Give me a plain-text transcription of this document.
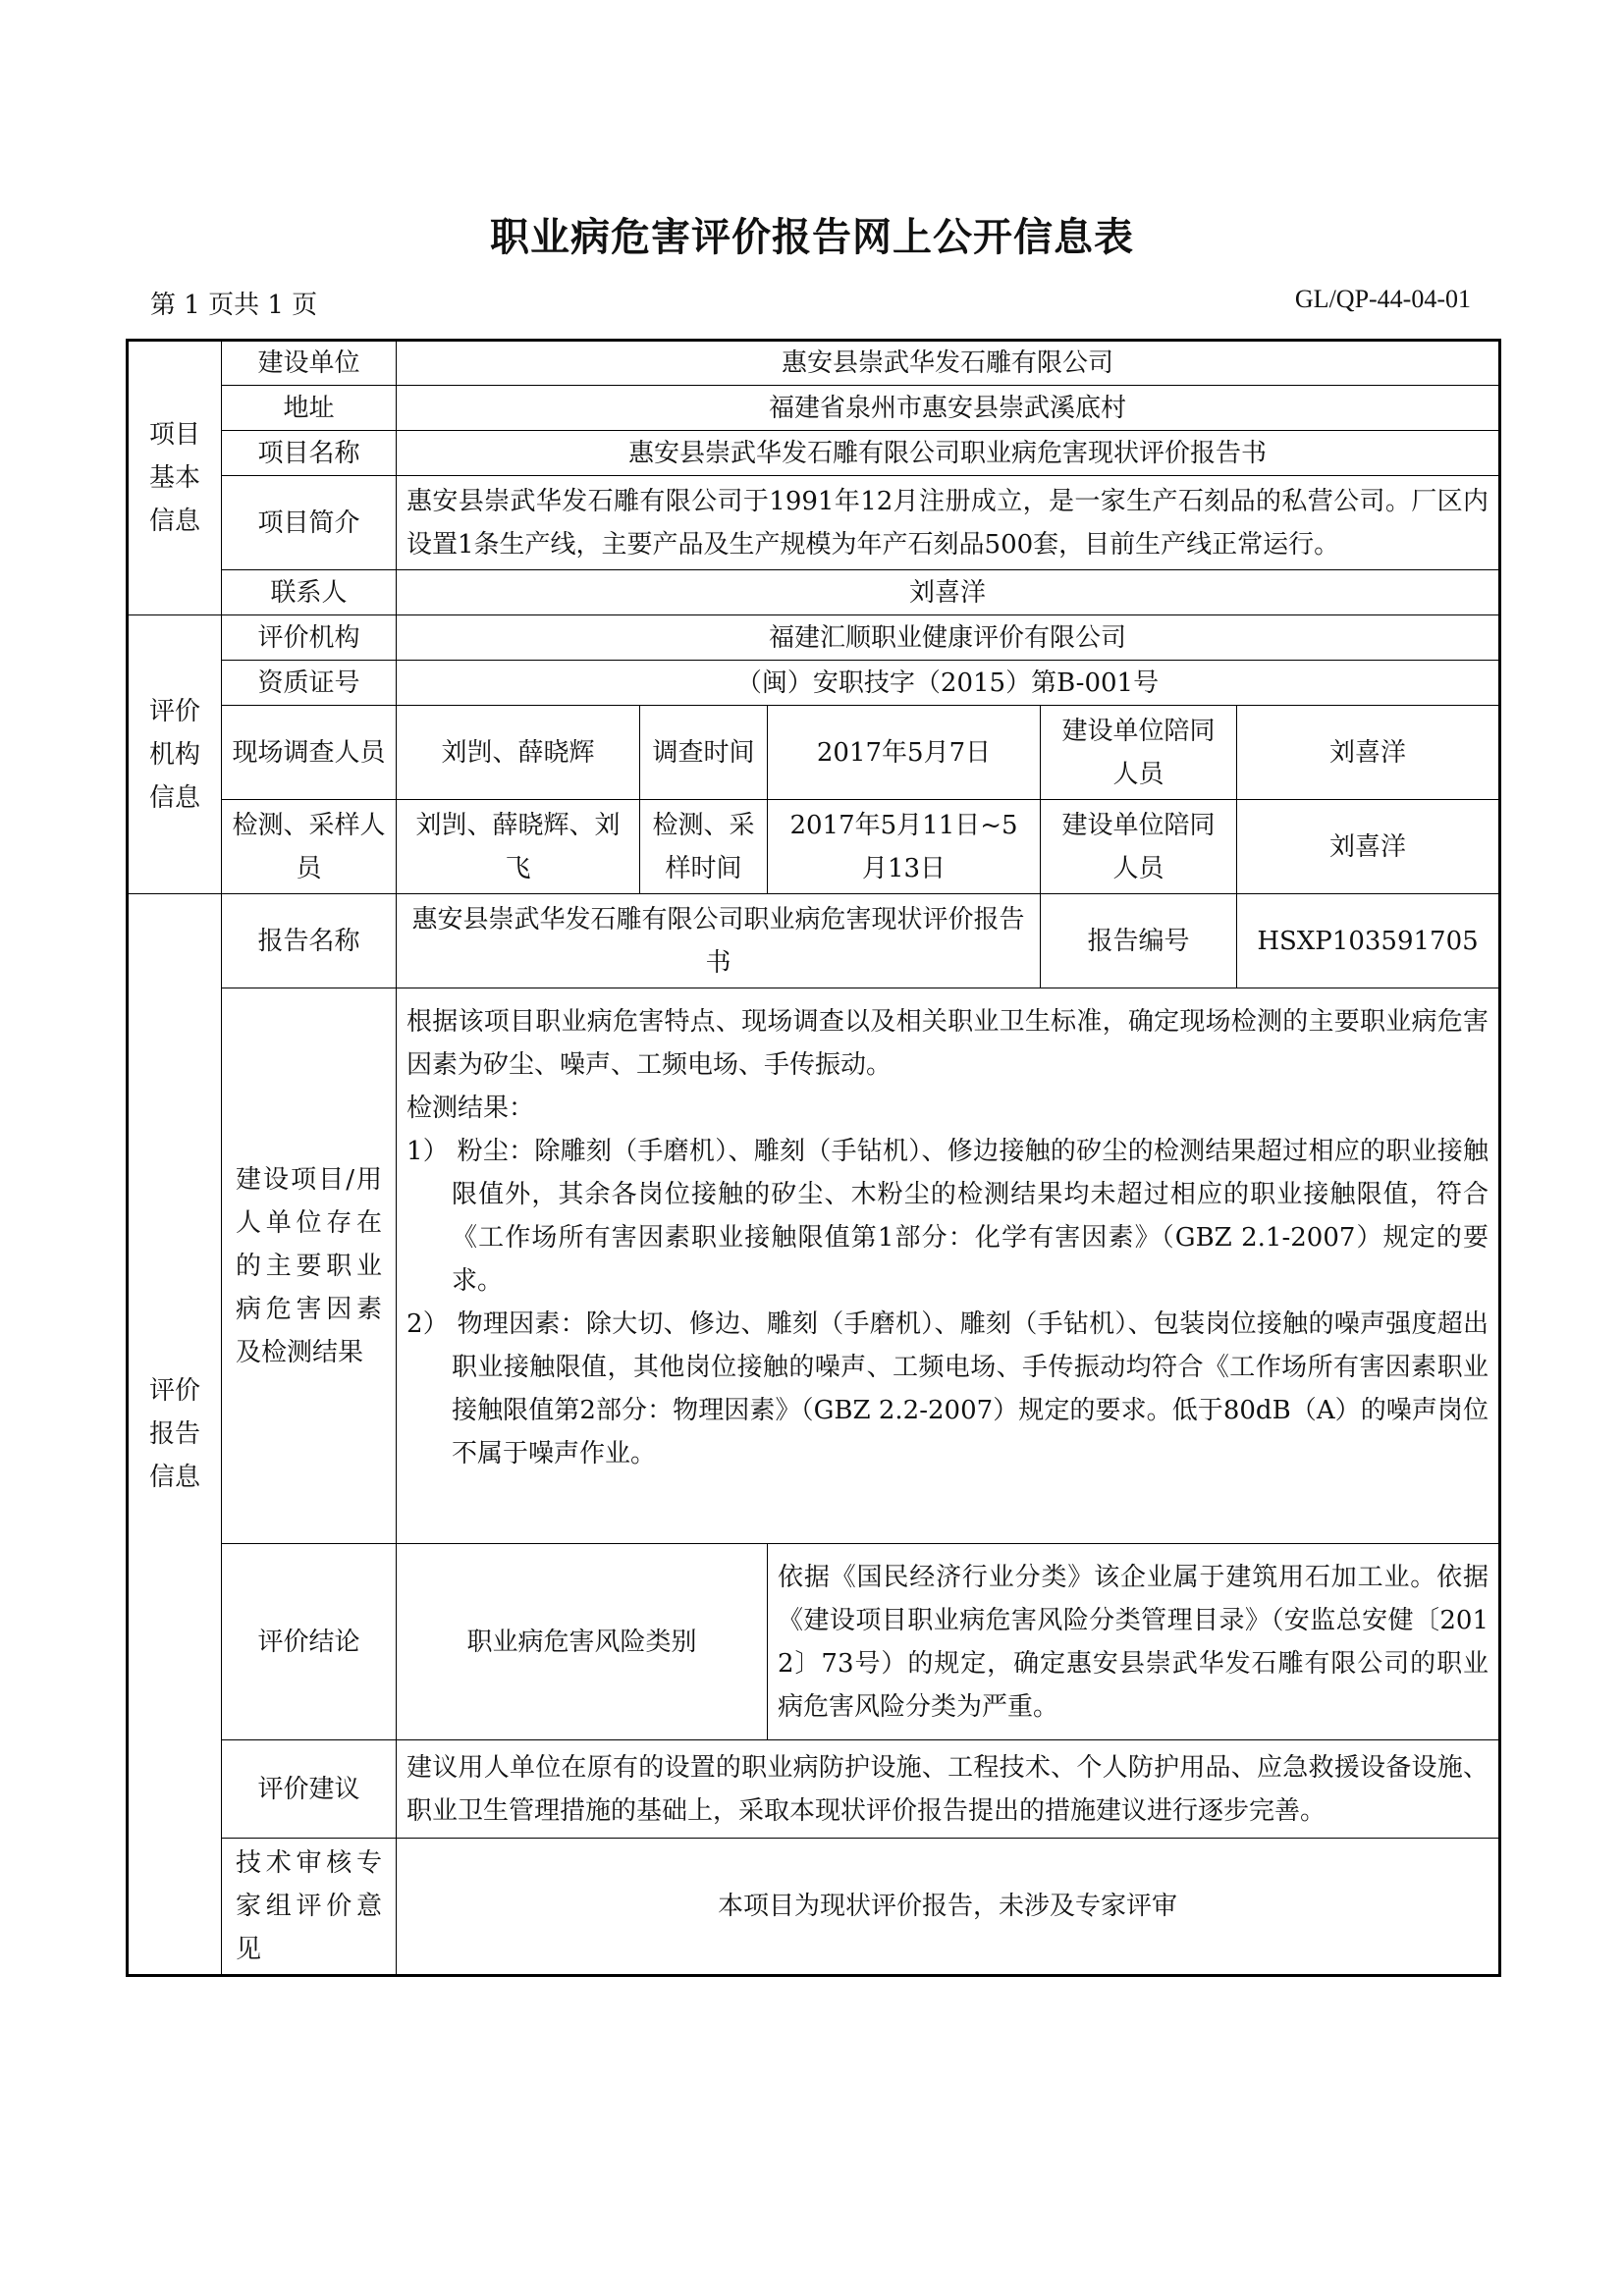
职业病危害评价报告网上公开信息表
第 1 页共 1 页	GL/QP-44-04-01
项目基本信息	建设单位	惠安县崇武华发石雕有限公司				
	地址	福建省泉州市惠安县崇武溪底村				
	项目名称	惠安县崇武华发石雕有限公司职业病危害现状评价报告书				
	项目简介	惠安县崇武华发石雕有限公司于1991年12月注册成立，是一家生产石刻品的私营公司。厂区内设置1条生产线，主要产品及生产规模为年产石刻品500套，目前生产线正常运行。				
	联系人	刘喜洋				
评价机构信息	评价机构	福建汇顺职业健康评价有限公司				
	资质证号	（闽）安职技字（2015）第B-001号				
	现场调查人员	刘剀、薛晓辉	调查时间	2017年5月7日	建设单位陪同人员	刘喜洋
	检测、采样人员	刘剀、薛晓辉、刘飞	检测、采样时间	2017年5月11日~5月13日	建设单位陪同人员	刘喜洋
评价报告信息	报告名称	惠安县崇武华发石雕有限公司职业病危害现状评价报告书			报告编号	HSXP103591705
	建设项目/用人单位存在的主要职业病危害因素及检测结果	根据该项目职业病危害特点、现场调查以及相关职业卫生标准，确定现场检测的主要职业病危害因素为矽尘、噪声、工频电场、手传振动。

检测结果：

1） 粉尘：除雕刻（手磨机）、雕刻（手钻机）、修边接触的矽尘的检测结果超过相应的职业接触限值外，其余各岗位接触的矽尘、木粉尘的检测结果均未超过相应的职业接触限值，符合《工作场所有害因素职业接触限值第1部分：化学有害因素》（GBZ 2.1-2007）规定的要求。

2） 物理因素：除大切、修边、雕刻（手磨机）、雕刻（手钻机）、包装岗位接触的噪声强度超出职业接触限值，其他岗位接触的噪声、工频电场、手传振动均符合《工作场所有害因素职业接触限值第2部分：物理因素》（GBZ 2.2-2007）规定的要求。低于80dB（A）的噪声岗位不属于噪声作业。				

	评价结论	职业病危害风险类别		依据《国民经济行业分类》该企业属于建筑用石加工业。依据《建设项目职业病危害风险分类管理目录》（安监总安健〔2012〕73号）的规定，确定惠安县崇武华发石雕有限公司的职业病危害风险分类为严重。		
	评价建议	建议用人单位在原有的设置的职业病防护设施、工程技术、个人防护用品、应急救援设备设施、职业卫生管理措施的基础上，采取本现状评价报告提出的措施建议进行逐步完善。				
	技术审核专家组评价意见	本项目为现状评价报告，未涉及专家评审				
